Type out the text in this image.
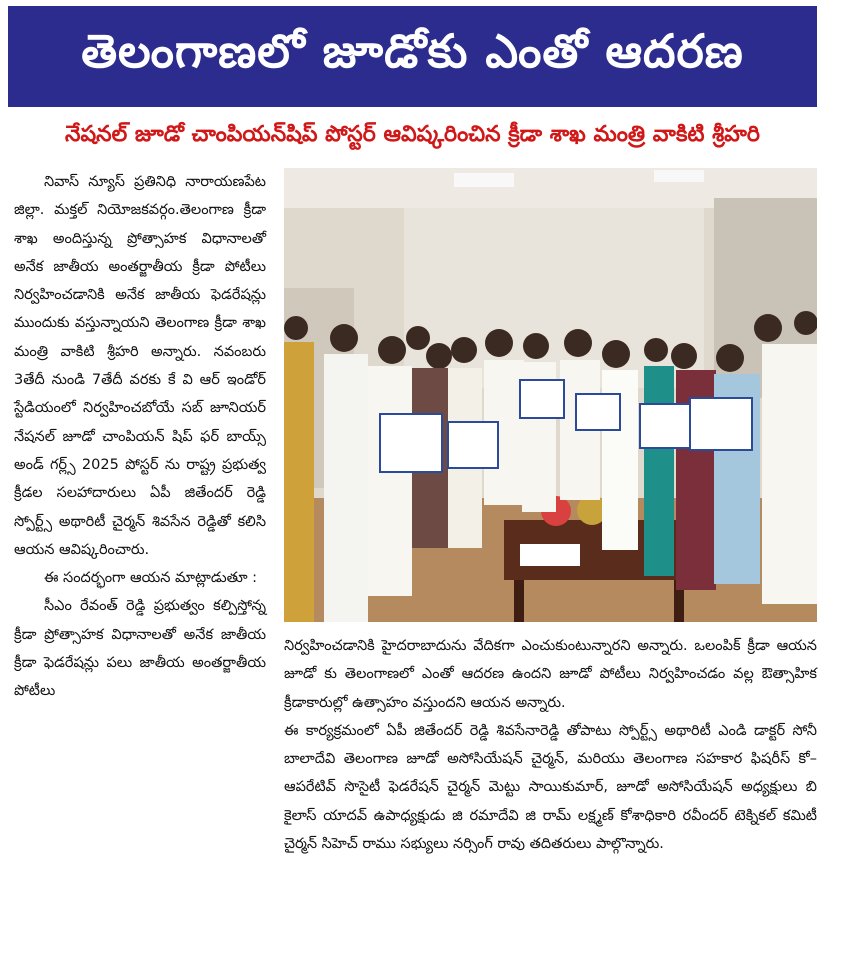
తెలంగాణలో జూడోకు ఎంతో ఆదరణ
నేషనల్ జూడో చాంపియన్‌షిప్ పోస్టర్ ఆవిష్కరించిన క్రీడా శాఖ మంత్రి వాకిటి శ్రీహరి

నివాస్ న్యూస్ ప్రతినిధి నారాయణపేట జిల్లా. మక్తల్ నియోజకవర్గం.తెలంగాణ క్రీడా శాఖ అందిస్తున్న ప్రోత్సాహక విధానాలతో అనేక జాతీయ అంతర్జాతీయ క్రీడా పోటీలు నిర్వహించడానికి అనేక జాతీయ ఫెడరేషన్లు ముందుకు వస్తున్నాయని తెలంగాణ క్రీడా శాఖ మంత్రి వాకిటి శ్రీహరి అన్నారు. నవంబరు 3తేదీ నుండి 7తేదీ వరకు కే వి ఆర్ ఇండోర్ స్టేడియంలో నిర్వహించబోయే సబ్ జూనియర్ నేషనల్ జూడో చాంపియన్ షిప్ ఫర్ బాయ్స్ అండ్ గర్ల్స్ 2025 పోస్టర్ ను రాష్ట్ర ప్రభుత్వ క్రీడల సలహాదారులు ఏపీ జితేందర్ రెడ్డి స్పోర్ట్స్ అథారిటీ చైర్మన్ శివసేన రెడ్డితో కలిసి ఆయన ఆవిష్కరించారు.

ఈ సందర్భంగా ఆయన మాట్లాడుతూ :

సీఎం రేవంత్ రెడ్డి ప్రభుత్వం కల్పిస్తోన్న క్రీడా ప్రోత్సాహక విధానాలతో అనేక జాతీయ క్రీడా ఫెడరేషన్లు పలు జాతీయ అంతర్జాతీయ పోటీలు

నిర్వహించడానికి హైదరాబాదును వేదికగా ఎంచుకుంటున్నారని అన్నారు. ఒలంపిక్ క్రీడా ఆయన జూడో కు తెలంగాణలో ఎంతో ఆదరణ ఉందని జూడో పోటీలు నిర్వహించడం వల్ల ఔత్సాహిక క్రీడాకారుల్లో ఉత్సాహం వస్తుందని ఆయన అన్నారు.

ఈ కార్యక్రమంలో ఏపీ జితేందర్ రెడ్డి శివసేనారెడ్డి తోపాటు స్పోర్ట్స్ అథారిటీ ఎండి డాక్టర్ సోనీ బాలాదేవి తెలంగాణ జూడో అసోసియేషన్ చైర్మన్, మరియు తెలంగాణ సహకార ఫిషరీస్ కో–ఆపరేటివ్ సొసైటీ ఫెడరేషన్ చైర్మన్ మెట్టు సాయికుమార్, జూడో అసోసియేషన్ అధ్యక్షులు బి కైలాస్ యాదవ్ ఉపాధ్యక్షుడు జి రమాదేవి జి రామ్ లక్ష్మణ్ కోశాధికారి రవీందర్ టెక్నికల్ కమిటీ చైర్మన్ సిహెచ్ రాము సభ్యులు నర్సింగ్ రావు తదితరులు పాల్గొన్నారు.
